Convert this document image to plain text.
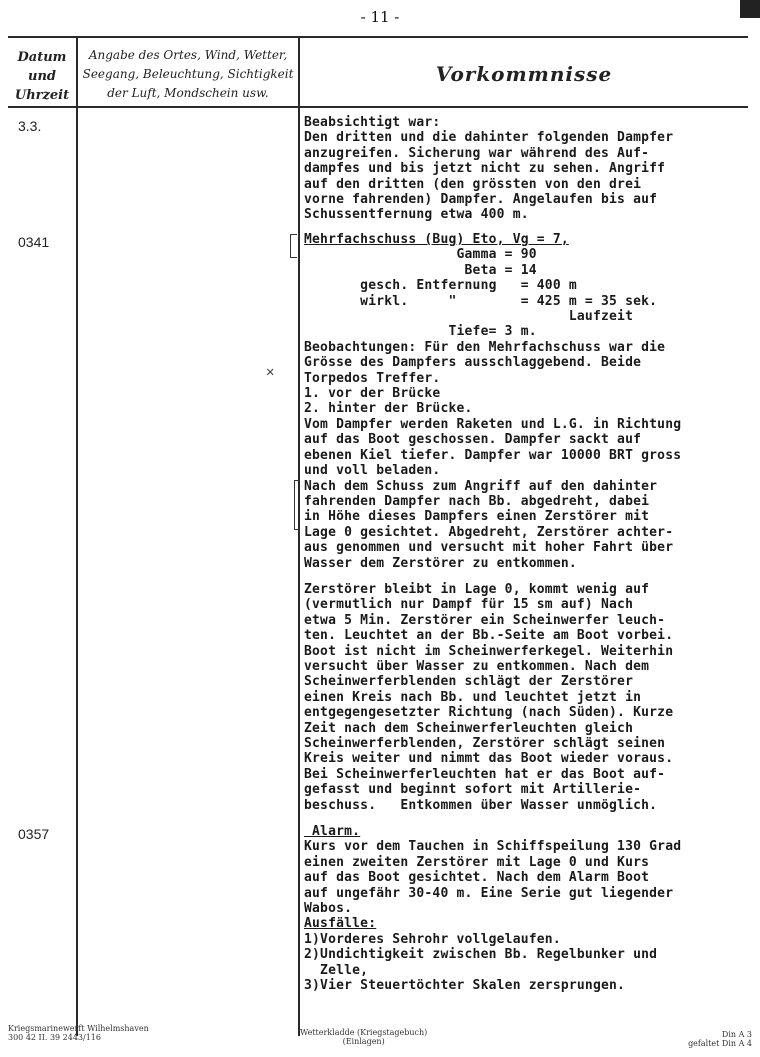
- 11 -
Datum
und
Uhrzeit
Angabe des Ortes, Wind, Wetter,
Seegang, Beleuchtung, Sichtigkeit
der Luft, Mondschein usw.
Vorkommnisse
3.3.
0341
0357
✕
Beabsichtigt war:
Den dritten und die dahinter folgenden Dampfer
anzugreifen. Sicherung war während des Auf-
dampfes und bis jetzt nicht zu sehen. Angriff
auf den dritten (den grössten von den drei
vorne fahrenden) Dampfer. Angelaufen bis auf
Schussentfernung etwa 400 m.
Mehrfachschuss (Bug) Eto, Vg = 7,
Gamma = 90
Beta = 14
gesch. Entfernung   = 400 m
wirkl.     "        = 425 m = 35 sek.
Laufzeit
Tiefe= 3 m.
Beobachtungen: Für den Mehrfachschuss war die
Grösse des Dampfers ausschlaggebend. Beide
Torpedos Treffer.
1. vor der Brücke
2. hinter der Brücke.
Vom Dampfer werden Raketen und L.G. in Richtung
auf das Boot geschossen. Dampfer sackt auf
ebenen Kiel tiefer. Dampfer war 10000 BRT gross
und voll beladen.
Nach dem Schuss zum Angriff auf den dahinter
fahrenden Dampfer nach Bb. abgedreht, dabei
in Höhe dieses Dampfers einen Zerstörer mit
Lage 0 gesichtet. Abgedreht, Zerstörer achter-
aus genommen und versucht mit hoher Fahrt über
Wasser dem Zerstörer zu entkommen.
Zerstörer bleibt in Lage 0, kommt wenig auf
(vermutlich nur Dampf für 15 sm auf) Nach
etwa 5 Min. Zerstörer ein Scheinwerfer leuch-
ten. Leuchtet an der Bb.-Seite am Boot vorbei.
Boot ist nicht im Scheinwerferkegel. Weiterhin
versucht über Wasser zu entkommen. Nach dem
Scheinwerferblenden schlägt der Zerstörer
einen Kreis nach Bb. und leuchtet jetzt in
entgegengesetzter Richtung (nach Süden). Kurze
Zeit nach dem Scheinwerferleuchten gleich
Scheinwerferblenden, Zerstörer schlägt seinen
Kreis weiter und nimmt das Boot wieder voraus.
Bei Scheinwerferleuchten hat er das Boot auf-
gefasst und beginnt sofort mit Artillerie-
beschuss.   Entkommen über Wasser unmöglich.
Alarm.
Kurs vor dem Tauchen in Schiffspeilung 130 Grad
einen zweiten Zerstörer mit Lage 0 und Kurs
auf das Boot gesichtet. Nach dem Alarm Boot
auf ungefähr 30-40 m. Eine Serie gut liegender
Wabos.
Ausfälle:
1)Vorderes Sehrohr vollgelaufen.
2)Undichtigkeit zwischen Bb. Regelbunker und
Zelle,
3)Vier Steuertöchter Skalen zersprungen.
Kriegsmarinewerft Wilhelmshaven
300 42 II. 39 2443/116
Wetterkladde (Kriegstagebuch)
(Einlagen)
Din A 3
gefaltet Din A 4
